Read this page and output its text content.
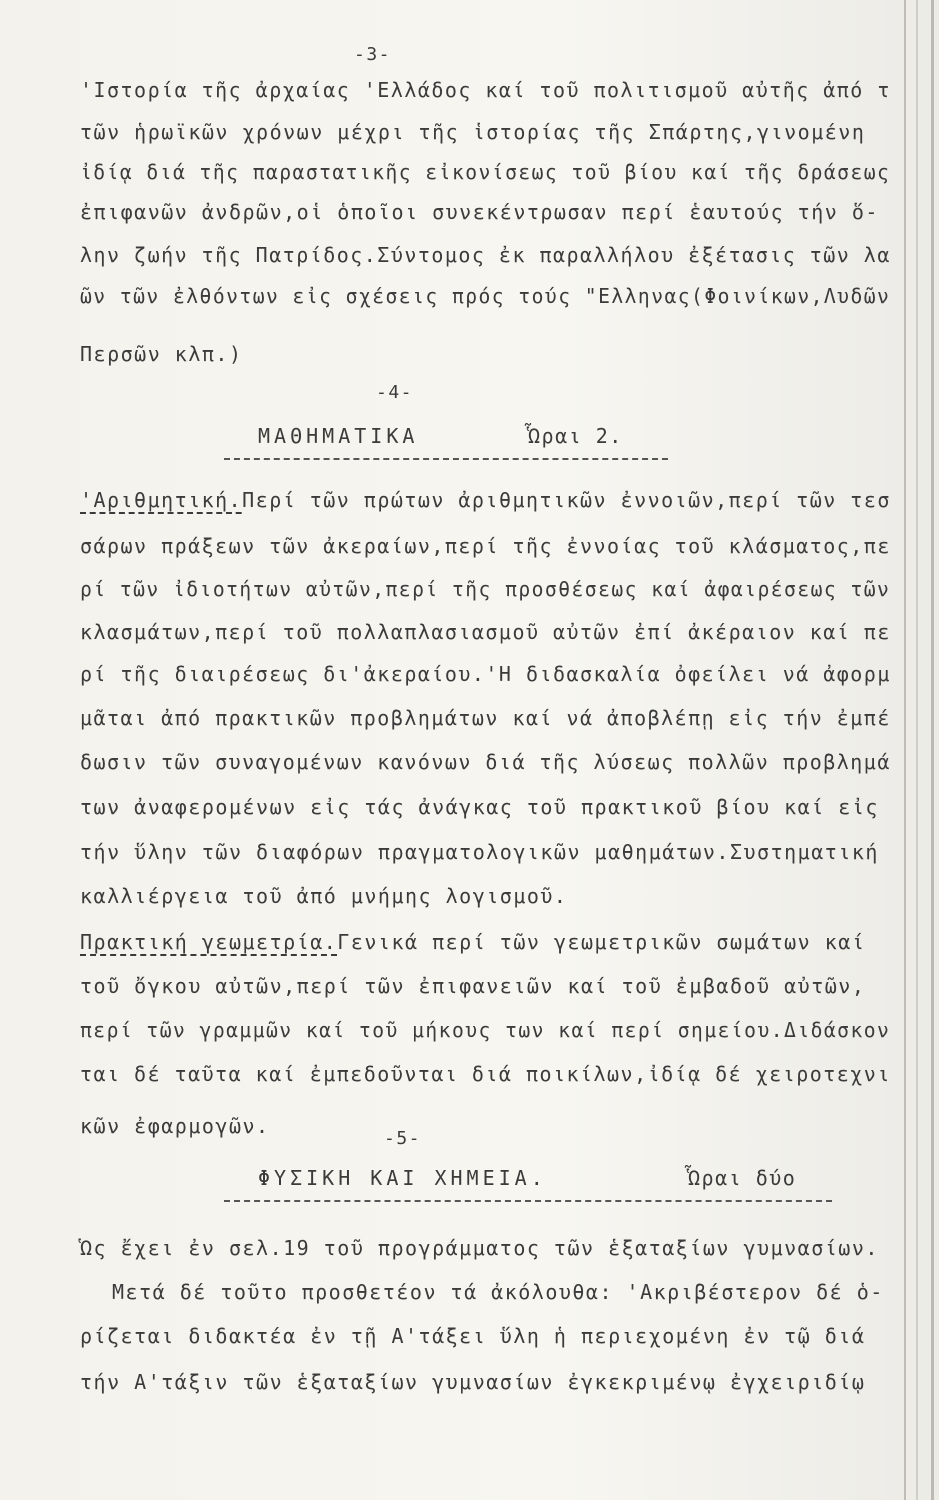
-3-
'Ιστορία τῆς ἀρχαίας 'Ελλάδος καί τοῦ πολιτισμοῦ αὐτῆς ἀπό τ
τῶν ἡρωϊκῶν χρόνων μέχρι τῆς ἱστορίας τῆς Σπάρτης,γινομένη
ἰδίᾳ διά τῆς παραστατικῆς εἰκονίσεως τοῦ βίου καί τῆς δράσεως
ἐπιφανῶν ἀνδρῶν,οἱ ὁποῖοι συνεκέντρωσαν περί ἑαυτούς τήν ὅ-
λην ζωήν τῆς Πατρίδος.Σύντομος ἐκ παραλλήλου ἐξέτασις τῶν λα
ῶν τῶν ἐλθόντων εἰς σχέσεις πρός τούς "Ελληνας(Φοινίκων,Λυδῶν
Περσῶν κλπ.)
-4-
ΜΑΘΗΜΑΤΙΚΑ	Ὧραι 2.
'Αριθμητική.Περί τῶν πρώτων ἀριθμητικῶν ἐννοιῶν,περί τῶν τεσ
σάρων πράξεων τῶν ἀκεραίων,περί τῆς ἐννοίας τοῦ κλάσματος,πε
ρί τῶν ἰδιοτήτων αὐτῶν,περί τῆς προσθέσεως καί ἀφαιρέσεως τῶν
κλασμάτων,περί τοῦ πολλαπλασιασμοῦ αὐτῶν ἐπί ἀκέραιον καί πε
ρί τῆς διαιρέσεως δι'ἀκεραίου.'Η διδασκαλία ὀφείλει νά ἀφορμ
μᾶται ἀπό πρακτικῶν προβλημάτων καί νά ἀποβλέπῃ εἰς τήν ἐμπέ
δωσιν τῶν συναγομένων κανόνων διά τῆς λύσεως πολλῶν προβλημά
των ἀναφερομένων εἰς τάς ἀνάγκας τοῦ πρακτικοῦ βίου καί εἰς
τήν ὕλην τῶν διαφόρων πραγματολογικῶν μαθημάτων.Συστηματική
καλλιέργεια τοῦ ἀπό μνήμης λογισμοῦ.
Πρακτική γεωμετρία.Γενικά περί τῶν γεωμετρικῶν σωμάτων καί
τοῦ ὄγκου αὐτῶν,περί τῶν ἐπιφανειῶν καί τοῦ ἐμβαδοῦ αὐτῶν,
περί τῶν γραμμῶν καί τοῦ μήκους των καί περί σημείου.Διδάσκον
ται δέ ταῦτα καί ἐμπεδοῦνται διά ποικίλων,ἰδίᾳ δέ χειροτεχνι
κῶν ἐφαρμογῶν.
-5-
ΦΥΣΙΚΗ ΚΑΙ ΧΗΜΕΙΑ.	Ὧραι δύο
Ὡς ἔχει ἐν σελ.19 τοῦ προγράμματος τῶν ἑξαταξίων γυμνασίων.
Μετά δέ τοῦτο προσθετέον τά ἀκόλουθα: 'Ακριβέστερον δέ ὁ-
ρίζεται διδακτέα ἐν τῇ Α'τάξει ὕλη ἡ περιεχομένη ἐν τῷ διά
τήν Α'τάξιν τῶν ἑξαταξίων γυμνασίων ἐγκεκριμένῳ ἐγχειριδίῳ
